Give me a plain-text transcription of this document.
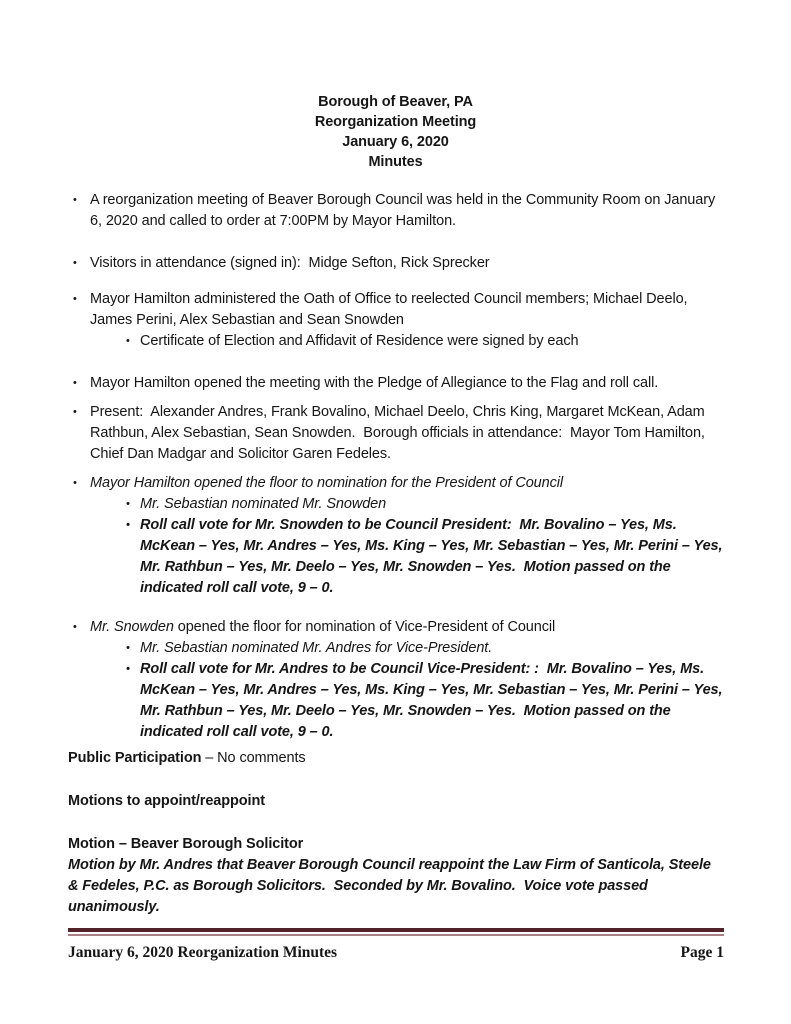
Borough of Beaver, PA
Reorganization Meeting
January 6, 2020
Minutes
• A reorganization meeting of Beaver Borough Council was held in the Community Room on January 6, 2020 and called to order at 7:00PM by Mayor Hamilton.
• Visitors in attendance (signed in):  Midge Sefton, Rick Sprecker
• Mayor Hamilton administered the Oath of Office to reelected Council members; Michael Deelo, James Perini, Alex Sebastian and Sean Snowden
• Certificate of Election and Affidavit of Residence were signed by each
• Mayor Hamilton opened the meeting with the Pledge of Allegiance to the Flag and roll call.
• Present:  Alexander Andres, Frank Bovalino, Michael Deelo, Chris King, Margaret McKean, Adam Rathbun, Alex Sebastian, Sean Snowden.  Borough officials in attendance:  Mayor Tom Hamilton, Chief Dan Madgar and Solicitor Garen Fedeles.
• Mayor Hamilton opened the floor to nomination for the President of Council
• Mr. Sebastian nominated Mr. Snowden
• Roll call vote for Mr. Snowden to be Council President:  Mr. Bovalino – Yes, Ms. McKean – Yes, Mr. Andres – Yes, Ms. King – Yes, Mr. Sebastian – Yes, Mr. Perini – Yes, Mr. Rathbun – Yes, Mr. Deelo – Yes, Mr. Snowden – Yes.  Motion passed on the indicated roll call vote, 9 – 0.
• Mr. Snowden opened the floor for nomination of Vice-President of Council
• Mr. Sebastian nominated Mr. Andres for Vice-President.
• Roll call vote for Mr. Andres to be Council Vice-President: :  Mr. Bovalino – Yes, Ms. McKean – Yes, Mr. Andres – Yes, Ms. King – Yes, Mr. Sebastian – Yes, Mr. Perini – Yes, Mr. Rathbun – Yes, Mr. Deelo – Yes, Mr. Snowden – Yes.  Motion passed on the indicated roll call vote, 9 – 0.
Public Participation – No comments
Motions to appoint/reappoint
Motion – Beaver Borough Solicitor
Motion by Mr. Andres that Beaver Borough Council reappoint the Law Firm of Santicola, Steele & Fedeles, P.C. as Borough Solicitors.  Seconded by Mr. Bovalino.  Voice vote passed unanimously.
January 6, 2020 Reorganization Minutes	Page 1
